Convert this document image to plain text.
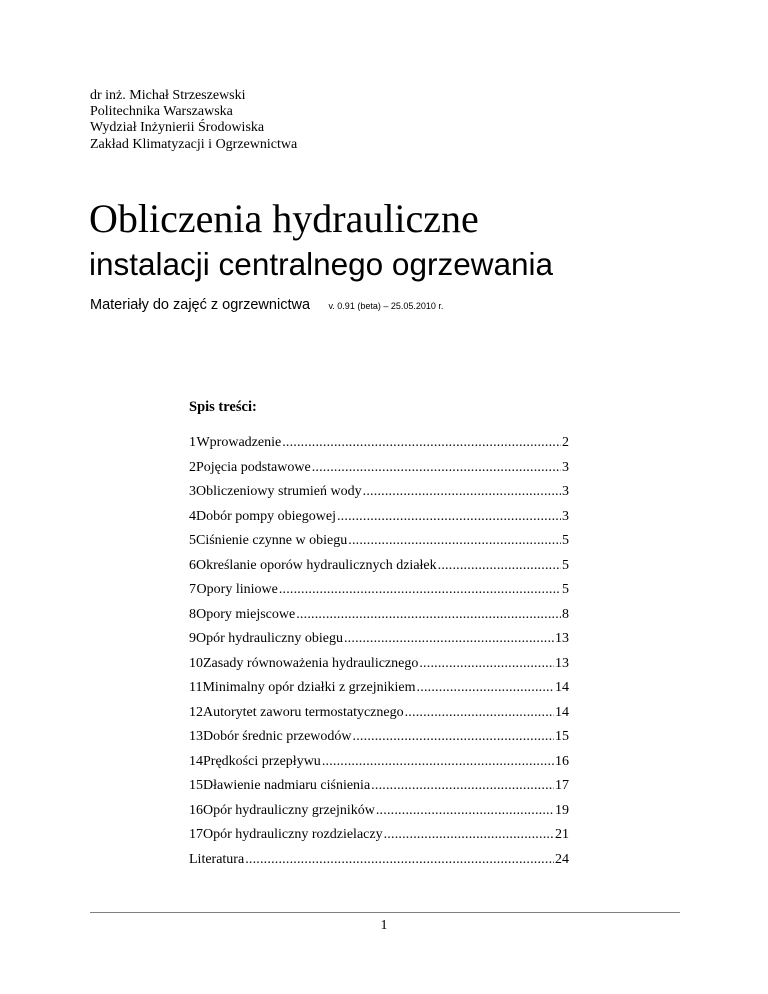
dr inż. Michał Strzeszewski
Politechnika Warszawska
Wydział Inżynierii Środowiska
Zakład Klimatyzacji i Ogrzewnictwa
Obliczenia hydrauliczne
instalacji centralnego ogrzewania
Materiały do zajęć z ogrzewnictwa v. 0.91 (beta) – 25.05.2010 r.
Spis treści:
1 Wprowadzenie .....	2
2 Pojęcia podstawowe .....	3
3 Obliczeniowy strumień wody .....	3
4 Dobór pompy obiegowej .....	3
5 Ciśnienie czynne w obiegu .....	5
6 Określanie oporów hydraulicznych działek .....	5
7 Opory liniowe .....	5
8 Opory miejscowe .....	8
9 Opór hydrauliczny obiegu .....	13
10 Zasady równoważenia hydraulicznego .....	13
11 Minimalny opór działki z grzejnikiem .....	14
12 Autorytet zaworu termostatycznego .....	14
13 Dobór średnic przewodów .....	15
14 Prędkości przepływu .....	16
15 Dławienie nadmiaru ciśnienia .....	17
16 Opór hydrauliczny grzejników .....	19
17 Opór hydrauliczny rozdzielaczy .....	21
Literatura .....	24
1
